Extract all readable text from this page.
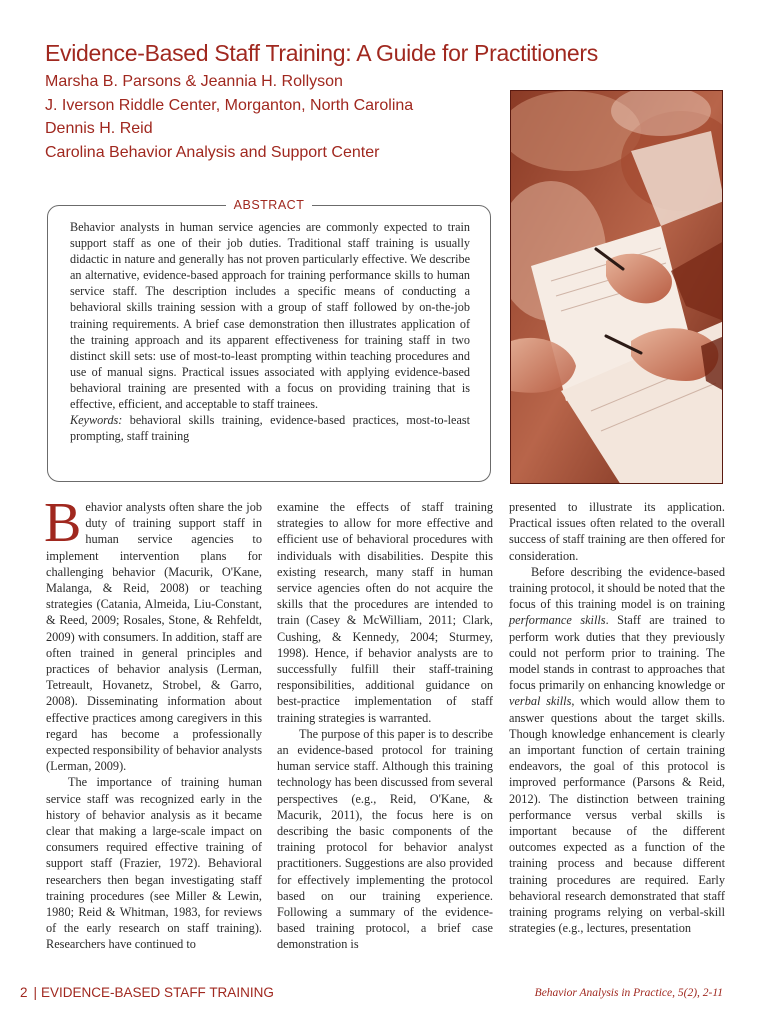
Evidence-Based Staff Training: A Guide for Practitioners
Marsha B. Parsons & Jeannia H. Rollyson
J. Iverson Riddle Center, Morganton, North Carolina
Dennis H. Reid
Carolina Behavior Analysis and Support Center
ABSTRACT

Behavior analysts in human service agencies are commonly expected to train support staff as one of their job duties. Traditional staff training is usually didactic in nature and generally has not proven particularly effective. We describe an alternative, evidence-based approach for training performance skills to human service staff. The description includes a specific means of conducting a behavioral skills training session with a group of staff followed by on-the-job training requirements. A brief case demonstration then illustrates application of the training approach and its apparent effectiveness for training staff in two distinct skill sets: use of most-to-least prompting within teaching procedures and use of manual signs. Practical issues associated with applying evidence-based behavioral training are presented with a focus on providing training that is effective, efficient, and acceptable to staff trainees.

Keywords: behavioral skills training, evidence-based practices, most-to-least prompting, staff training

Behavior analysts often share the job duty of training support staff in human service agencies to implement intervention plans for challenging behavior (Macurik, O'Kane, Malanga, & Reid, 2008) or teaching strategies (Catania, Almeida, Liu-Constant, & Reed, 2009; Rosales, Stone, & Rehfeldt, 2009) with consumers. In addition, staff are often trained in general principles and practices of behavior analysis (Lerman, Tetreault, Hovanetz, Strobel, & Garro, 2008). Disseminating information about effective practices among caregivers in this regard has become a professionally expected responsibility of behavior analysts (Lerman, 2009).

The importance of training human service staff was recognized early in the history of behavior analysis as it became clear that making a large-scale impact on consumers required effective training of support staff (Frazier, 1972). Behavioral researchers then began investigating staff training procedures (see Miller & Lewin, 1980; Reid & Whitman, 1983, for reviews of the early research on staff training). Researchers have continued to

examine the effects of staff training strategies to allow for more effective and efficient use of behavioral procedures with individuals with disabilities. Despite this existing research, many staff in human service agencies often do not acquire the skills that the procedures are intended to train (Casey & McWilliam, 2011; Clark, Cushing, & Kennedy, 2004; Sturmey, 1998). Hence, if behavior analysts are to successfully fulfill their staff-training responsibilities, additional guidance on best-practice implementation of staff training strategies is warranted.

The purpose of this paper is to describe an evidence-based protocol for training human service staff. Although this training technology has been discussed from several perspectives (e.g., Reid, O'Kane, & Macurik, 2011), the focus here is on describing the basic components of the training protocol for behavior analyst practitioners. Suggestions are also provided for effectively implementing the protocol based on our training experience. Following a summary of the evidence-based training protocol, a brief case demonstration is

presented to illustrate its application. Practical issues often related to the overall success of staff training are then offered for consideration.

Before describing the evidence-based training protocol, it should be noted that the focus of this training model is on training performance skills. Staff are trained to perform work duties that they previously could not perform prior to training. The model stands in contrast to approaches that focus primarily on enhancing knowledge or verbal skills, which would allow them to answer questions about the target skills. Though knowledge enhancement is clearly an important function of certain training endeavors, the goal of this protocol is improved performance (Parsons & Reid, 2012). The distinction between training performance versus verbal skills is important because of the different outcomes expected as a function of the training process and because different training procedures are required. Early behavioral research demonstrated that staff training programs relying on verbal-skill strategies (e.g., lectures, presentation

2 | EVIDENCE-BASED STAFF TRAINING	Behavior Analysis in Practice, 5(2), 2-11
